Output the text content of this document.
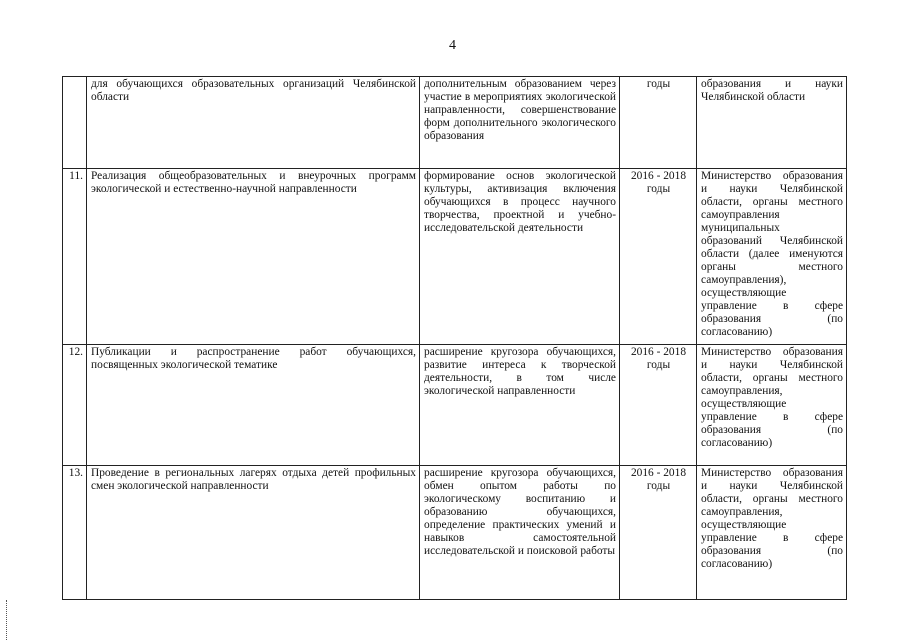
4
	для обучающихся образовательных организаций Челябинской области	дополнительным образованием через участие в мероприятиях экологической направленности, совершенствование форм дополнительного экологического образования	годы	образования и науки Челябинской области
11.	Реализация общеобразовательных и внеурочных программ экологической и естественно-научной направленности	формирование основ экологической культуры, активизация включения обучающихся в процесс научного творчества, проектной и учебно-исследовательской деятельности	2016 - 2018 годы	Министерство образования и науки Челябинской области, органы местного самоуправления муниципальных образований Челябинской области (далее именуются органы местного самоуправления), осуществляющие управление в сфере образования (по согласованию)
12.	Публикации и распространение работ обучающихся, посвященных экологической тематике	расширение кругозора обучающихся, развитие интереса к творческой деятельности, в том числе экологической направленности	2016 - 2018 годы	Министерство образования и науки Челябинской области, органы местного самоуправления, осуществляющие управление в сфере образования (по согласованию)
13.	Проведение в региональных лагерях отдыха детей профильных смен экологической направленности	расширение кругозора обучающихся, обмен опытом работы по экологическому воспитанию и образованию обучающихся, определение практических умений и навыков самостоятельной исследовательской и поисковой работы	2016 - 2018 годы	Министерство образования и науки Челябинской области, органы местного самоуправления, осуществляющие управление в сфере образования (по согласованию)
